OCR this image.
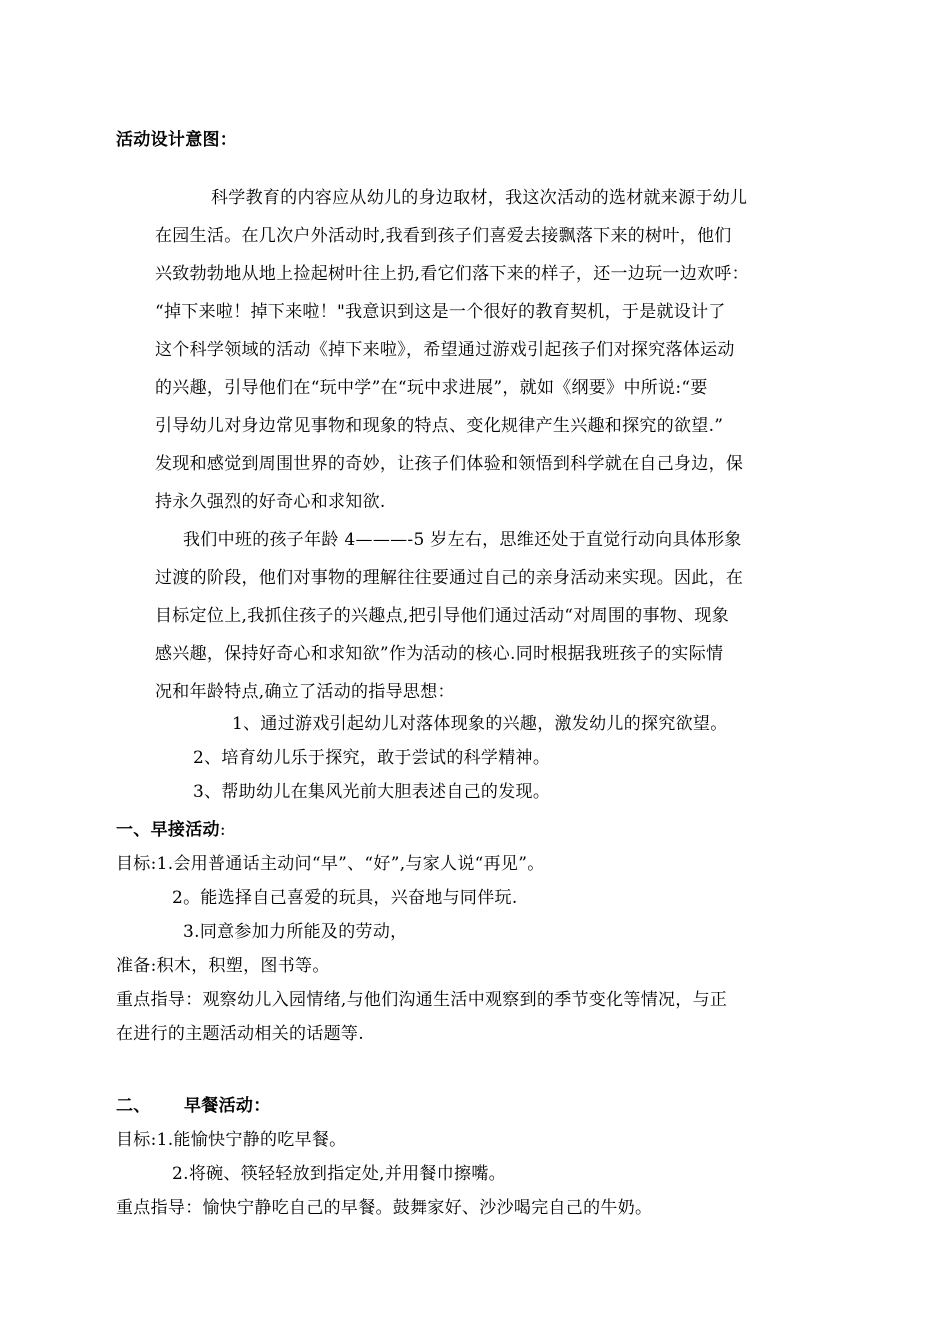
活动设计意图：
科学教育的内容应从幼儿的身边取材，我这次活动的选材就来源于幼儿
在园生活。在几次户外活动时,我看到孩子们喜爱去接飘落下来的树叶，他们
兴致勃勃地从地上捡起树叶往上扔,看它们落下来的样子，还一边玩一边欢呼：
“掉下来啦！掉下来啦！"我意识到这是一个很好的教育契机，于是就设计了
这个科学领域的活动《掉下来啦》，希望通过游戏引起孩子们对探究落体运动
的兴趣，引导他们在“玩中学”在“玩中求进展”，就如《纲要》中所说:“要
引导幼儿对身边常见事物和现象的特点、变化规律产生兴趣和探究的欲望.”
发现和感觉到周围世界的奇妙，让孩子们体验和领悟到科学就在自己身边，保
持永久强烈的好奇心和求知欲.
我们中班的孩子年龄 4———-5 岁左右，思维还处于直觉行动向具体形象
过渡的阶段，他们对事物的理解往往要通过自己的亲身活动来实现。因此，在
目标定位上,我抓住孩子的兴趣点,把引导他们通过活动“对周围的事物、现象
感兴趣，保持好奇心和求知欲”作为活动的核心.同时根据我班孩子的实际情
况和年龄特点,确立了活动的指导思想：
1、通过游戏引起幼儿对落体现象的兴趣，激发幼儿的探究欲望。
2、培育幼儿乐于探究，敢于尝试的科学精神。
3、帮助幼儿在集风光前大胆表述自己的发现。
一、早接活动:
目标:1.会用普通话主动问“早”、“好”,与家人说“再见”。
2。能选择自己喜爱的玩具，兴奋地与同伴玩.
3.同意参加力所能及的劳动，
准备:积木，积塑，图书等。
重点指导：观察幼儿入园情绪,与他们沟通生活中观察到的季节变化等情况，与正
在进行的主题活动相关的话题等.
二、 早餐活动：
目标:1.能愉快宁静的吃早餐。
2.将碗、筷轻轻放到指定处,并用餐巾擦嘴。
重点指导：愉快宁静吃自己的早餐。鼓舞家好、沙沙喝完自己的牛奶。
